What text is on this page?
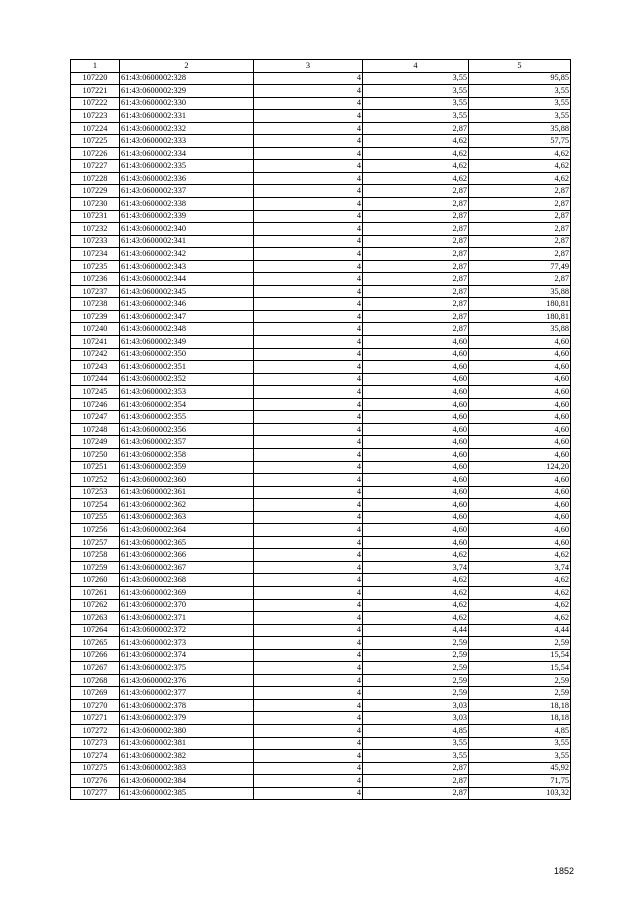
1	2	3	4	5
107220	61:43:0600002:328	4	3,55	95,85
107221	61:43:0600002:329	4	3,55	3,55
107222	61:43:0600002:330	4	3,55	3,55
107223	61:43:0600002:331	4	3,55	3,55
107224	61:43:0600002:332	4	2,87	35,88
107225	61:43:0600002:333	4	4,62	57,75
107226	61:43:0600002:334	4	4,62	4,62
107227	61:43:0600002:335	4	4,62	4,62
107228	61:43:0600002:336	4	4,62	4,62
107229	61:43:0600002:337	4	2,87	2,87
107230	61:43:0600002:338	4	2,87	2,87
107231	61:43:0600002:339	4	2,87	2,87
107232	61:43:0600002:340	4	2,87	2,87
107233	61:43:0600002:341	4	2,87	2,87
107234	61:43:0600002:342	4	2,87	2,87
107235	61:43:0600002:343	4	2,87	77,49
107236	61:43:0600002:344	4	2,87	2,87
107237	61:43:0600002:345	4	2,87	35,88
107238	61:43:0600002:346	4	2,87	180,81
107239	61:43:0600002:347	4	2,87	180,81
107240	61:43:0600002:348	4	2,87	35,88
107241	61:43:0600002:349	4	4,60	4,60
107242	61:43:0600002:350	4	4,60	4,60
107243	61:43:0600002:351	4	4,60	4,60
107244	61:43:0600002:352	4	4,60	4,60
107245	61:43:0600002:353	4	4,60	4,60
107246	61:43:0600002:354	4	4,60	4,60
107247	61:43:0600002:355	4	4,60	4,60
107248	61:43:0600002:356	4	4,60	4,60
107249	61:43:0600002:357	4	4,60	4,60
107250	61:43:0600002:358	4	4,60	4,60
107251	61:43:0600002:359	4	4,60	124,20
107252	61:43:0600002:360	4	4,60	4,60
107253	61:43:0600002:361	4	4,60	4,60
107254	61:43:0600002:362	4	4,60	4,60
107255	61:43:0600002:363	4	4,60	4,60
107256	61:43:0600002:364	4	4,60	4,60
107257	61:43:0600002:365	4	4,60	4,60
107258	61:43:0600002:366	4	4,62	4,62
107259	61:43:0600002:367	4	3,74	3,74
107260	61:43:0600002:368	4	4,62	4,62
107261	61:43:0600002:369	4	4,62	4,62
107262	61:43:0600002:370	4	4,62	4,62
107263	61:43:0600002:371	4	4,62	4,62
107264	61:43:0600002:372	4	4,44	4,44
107265	61:43:0600002:373	4	2,59	2,59
107266	61:43:0600002:374	4	2,59	15,54
107267	61:43:0600002:375	4	2,59	15,54
107268	61:43:0600002:376	4	2,59	2,59
107269	61:43:0600002:377	4	2,59	2,59
107270	61:43:0600002:378	4	3,03	18,18
107271	61:43:0600002:379	4	3,03	18,18
107272	61:43:0600002:380	4	4,85	4,85
107273	61:43:0600002:381	4	3,55	3,55
107274	61:43:0600002:382	4	3,55	3,55
107275	61:43:0600002:383	4	2,87	45,92
107276	61:43:0600002:384	4	2,87	71,75
107277	61:43:0600002:385	4	2,87	103,32
1852
